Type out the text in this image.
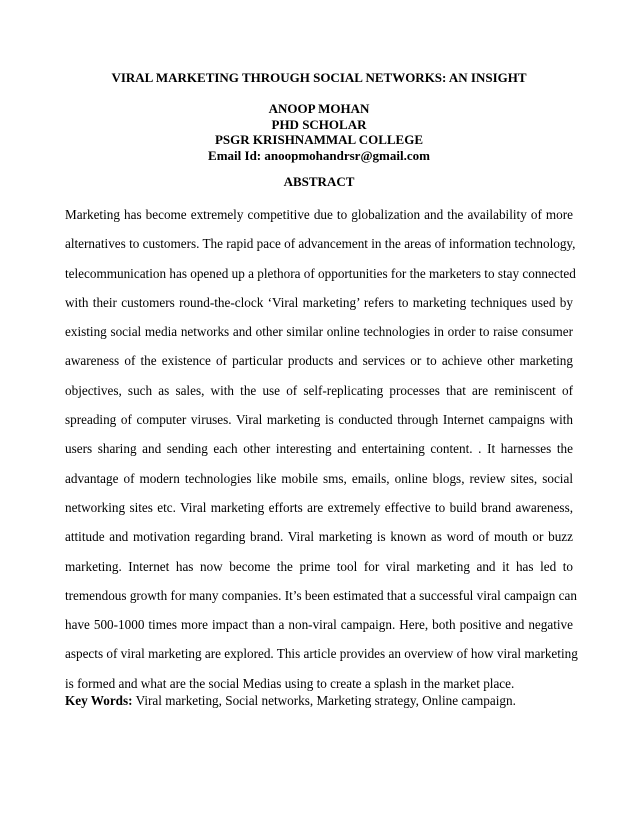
VIRAL MARKETING THROUGH SOCIAL NETWORKS: AN INSIGHT
ANOOP MOHAN
PHD SCHOLAR
PSGR KRISHNAMMAL COLLEGE
Email Id: anoopmohandrsr@gmail.com
ABSTRACT
Marketing has become extremely competitive due to globalization and the availability of more
alternatives to customers. The rapid pace of advancement in the areas of information technology,
telecommunication has opened up a plethora of opportunities for the marketers to stay connected
with their customers round-the-clock ‘Viral marketing’ refers to marketing techniques used by
existing social media networks and other similar online technologies in order to raise consumer
awareness of the existence of particular products and services or to achieve other marketing
objectives, such as sales, with the use of self-replicating processes that are reminiscent of
spreading of computer viruses. Viral marketing is conducted through Internet campaigns with
users sharing and sending each other interesting and entertaining content. . It harnesses the
advantage of modern technologies like mobile sms, emails, online blogs, review sites, social
networking sites etc. Viral marketing efforts are extremely effective to build brand awareness,
attitude and motivation regarding brand. Viral marketing is known as word of mouth or buzz
marketing. Internet has now become the prime tool for viral marketing and it has led to
tremendous growth for many companies. It’s been estimated that a successful viral campaign can
have 500-1000 times more impact than a non-viral campaign. Here, both positive and negative
aspects of viral marketing are explored. This article provides an overview of how viral marketing
is formed and what are the social Medias using to create a splash in the market place.
Key Words: Viral marketing, Social networks, Marketing strategy, Online campaign.
